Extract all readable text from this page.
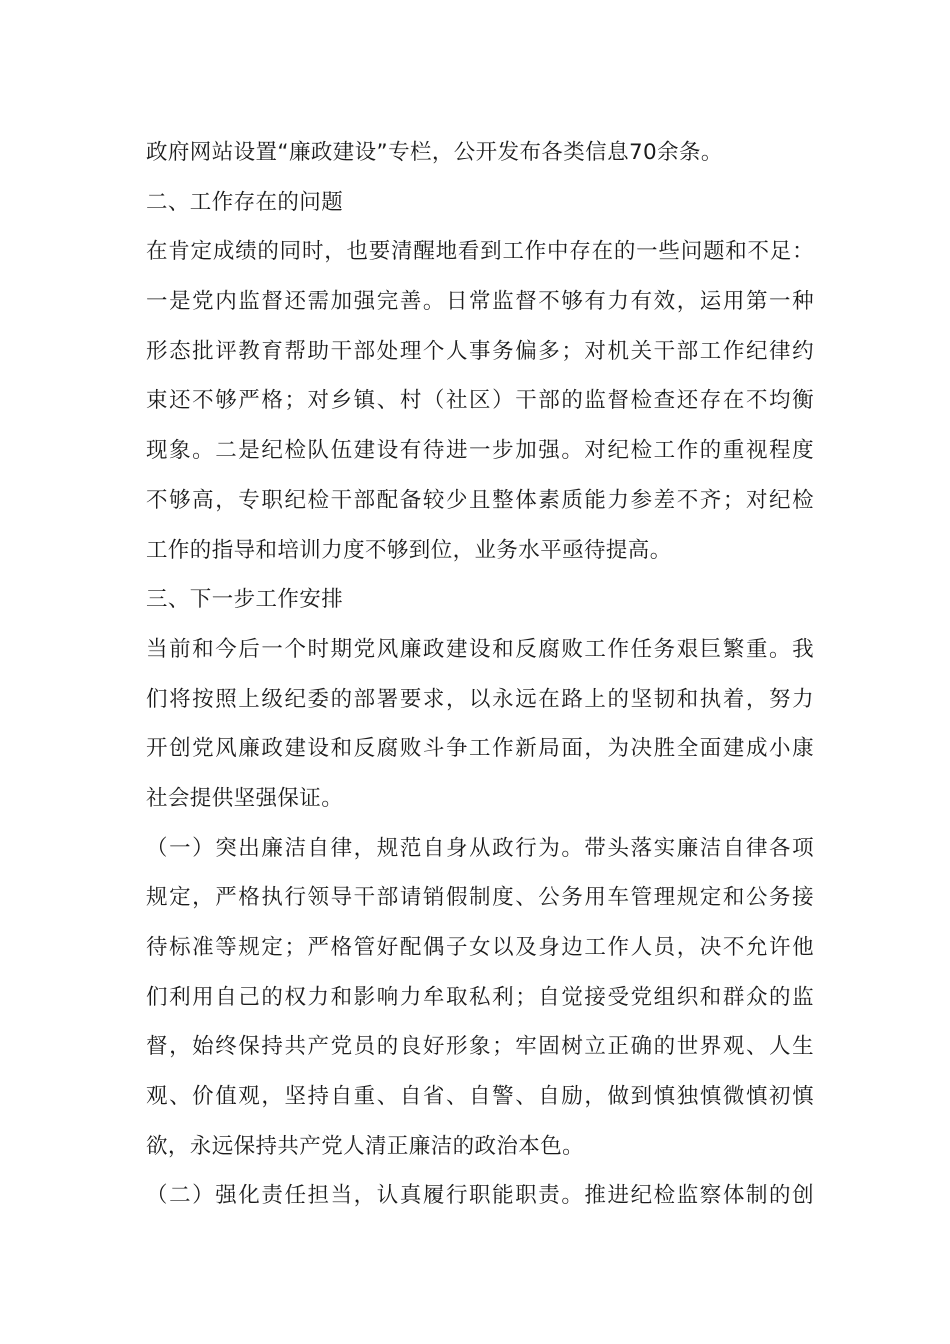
政府网站设置“廉政建设”专栏，公开发布各类信息70余条。
二、工作存在的问题
在肯定成绩的同时，也要清醒地看到工作中存在的一些问题和不足：
一是党内监督还需加强完善。日常监督不够有力有效，运用第一种
形态批评教育帮助干部处理个人事务偏多；对机关干部工作纪律约
束还不够严格；对乡镇、村（社区）干部的监督检查还存在不均衡
现象。二是纪检队伍建设有待进一步加强。对纪检工作的重视程度
不够高，专职纪检干部配备较少且整体素质能力参差不齐；对纪检
工作的指导和培训力度不够到位，业务水平亟待提高。
三、下一步工作安排
当前和今后一个时期党风廉政建设和反腐败工作任务艰巨繁重。我
们将按照上级纪委的部署要求，以永远在路上的坚韧和执着，努力
开创党风廉政建设和反腐败斗争工作新局面，为决胜全面建成小康
社会提供坚强保证。
（一）突出廉洁自律，规范自身从政行为。带头落实廉洁自律各项
规定，严格执行领导干部请销假制度、公务用车管理规定和公务接
待标准等规定；严格管好配偶子女以及身边工作人员，决不允许他
们利用自己的权力和影响力牟取私利；自觉接受党组织和群众的监
督，始终保持共产党员的良好形象；牢固树立正确的世界观、人生
观、价值观，坚持自重、自省、自警、自励，做到慎独慎微慎初慎
欲，永远保持共产党人清正廉洁的政治本色。
（二）强化责任担当，认真履行职能职责。推进纪检监察体制的创
